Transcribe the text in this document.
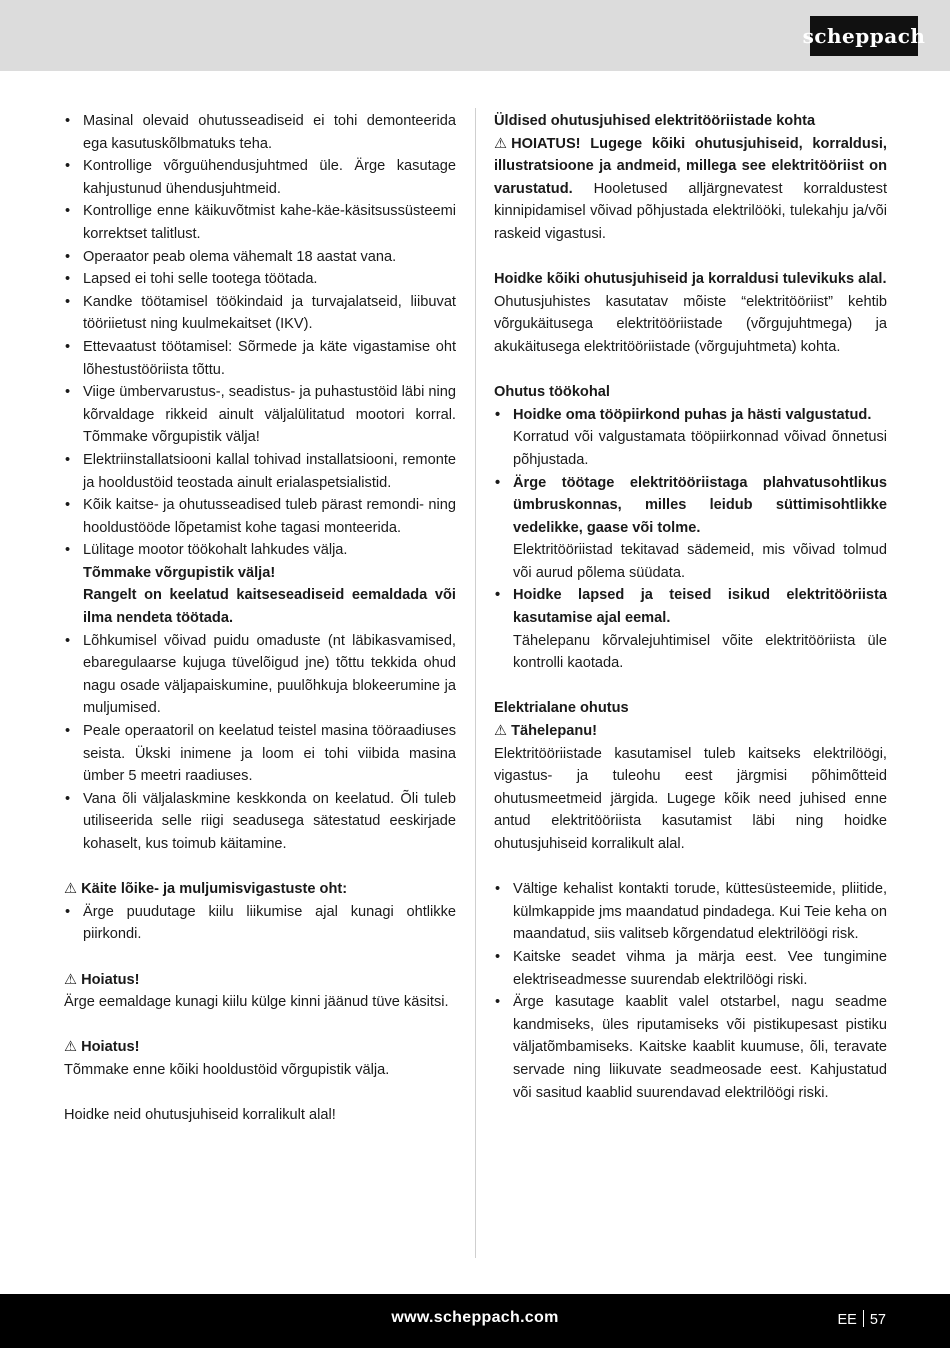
scheppach
• Masinal olevaid ohutusseadiseid ei tohi demonteerida ega kasutuskõlbmatuks teha.
• Kontrollige võrguühendusjuhtmed üle. Ärge kasutage kahjustunud ühendusjuhtmeid.
• Kontrollige enne käikuvõtmist kahe-käe-käsitsussüsteemi korrektset talitlust.
• Operaator peab olema vähemalt 18 aastat vana.
• Lapsed ei tohi selle tootega töötada.
• Kandke töötamisel töökindaid ja turvajalatseid, liibuvat tööriietust ning kuulmekaitset (IKV).
• Ettevaatust töötamisel: Sõrmede ja käte vigastamise oht lõhestustööriista tõttu.
• Viige ümbervarustus-, seadistus- ja puhastustöid läbi ning kõrvaldage rikkeid ainult väljalülitatud mootori korral. Tõmmake võrgupistik välja!
• Elektriinstallatsiooni kallal tohivad installatsiooni, remonte ja hooldustöid teostada ainult erialaspetsialistid.
• Kõik kaitse- ja ohutusseadised tuleb pärast remondi- ning hooldustööde lõpetamist kohe tagasi monteerida.
• Lülitage mootor töökohalt lahkudes välja.
Tõmmake võrgupistik välja!
Rangelt on keelatud kaitseseadiseid eemaldada või ilma nendeta töötada.
• Lõhkumisel võivad puidu omaduste (nt läbikasvamised, ebaregulaarse kujuga tüvelõigud jne) tõttu tekkida ohud nagu osade väljapaiskumine, puulõhkuja blokeerumine ja muljumised.
• Peale operaatoril on keelatud teistel masina tööraadiuses seista. Ükski inimene ja loom ei tohi viibida masina ümber 5 meetri raadiuses.
• Vana õli väljalaskmine keskkonda on keelatud. Õli tuleb utiliseerida selle riigi seadusega sätestatud eeskirjade kohaselt, kus toimub käitamine.

⚠ Käite lõike- ja muljumisvigastuste oht:

• Ärge puudutage kiilu liikumise ajal kunagi ohtlikke piirkondi.

⚠ Hoiatus!

Ärge eemaldage kunagi kiilu külge kinni jäänud tüve käsitsi.

⚠ Hoiatus!

Tõmmake enne kõiki hooldustöid võrgupistik välja.

Hoidke neid ohutusjuhiseid korralikult alal!

Üldised ohutusjuhised elektritööriistade kohta

⚠ HOIATUS! Lugege kõiki ohutusjuhiseid, korraldusi, illustratsioone ja andmeid, millega see elektritööriist on varustatud. Hooletused alljärgnevatest korraldustest kinnipidamisel võivad põhjustada elektrilööki, tulekahju ja/või raskeid vigastusi.

Hoidke kõiki ohutusjuhiseid ja korraldusi tulevikuks alal.

Ohutusjuhistes kasutatav mõiste “elektritööriist” kehtib võrgukäitusega elektritööriistade (võrgujuhtmega) ja akukäitusega elektritööriistade (võrgujuhtmeta) kohta.

Ohutus töökohal

• Hoidke oma tööpiirkond puhas ja hästi valgustatud.
Korratud või valgustamata tööpiirkonnad võivad õnnetusi põhjustada.
• Ärge töötage elektritööriistaga plahvatusohtlikus ümbruskonnas, milles leidub süttimisohtlikke vedelikke, gaase või tolme.
Elektritööriistad tekitavad sädemeid, mis võivad tolmud või aurud põlema süüdata.
• Hoidke lapsed ja teised isikud elektritööriista kasutamise ajal eemal.
Tähelepanu kõrvalejuhtimisel võite elektritööriista üle kontrolli kaotada.

Elektrialane ohutus

⚠ Tähelepanu!

Elektritööriistade kasutamisel tuleb kaitseks elektrilöögi, vigastus- ja tuleohu eest järgmisi põhimõtteid ohutusmeetmeid järgida. Lugege kõik need juhised enne antud elektritööriista kasutamist läbi ning hoidke ohutusjuhiseid korralikult alal.

• Vältige kehalist kontakti torude, küttesüsteemide, pliitide, külmkappide jms maandatud pindadega. Kui Teie keha on maandatud, siis valitseb kõrgendatud elektrilöögi risk.
• Kaitske seadet vihma ja märja eest. Vee tungimine elektriseadmesse suurendab elektrilöögi riski.
• Ärge kasutage kaablit valel otstarbel, nagu seadme kandmiseks, üles riputamiseks või pistikupesast pistiku väljatõmbamiseks. Kaitske kaablit kuumuse, õli, teravate servade ning liikuvate seadmeosade eest. Kahjustatud või sasitud kaablid suurendavad elektrilöögi riski.
www.scheppach.com	EE 57
